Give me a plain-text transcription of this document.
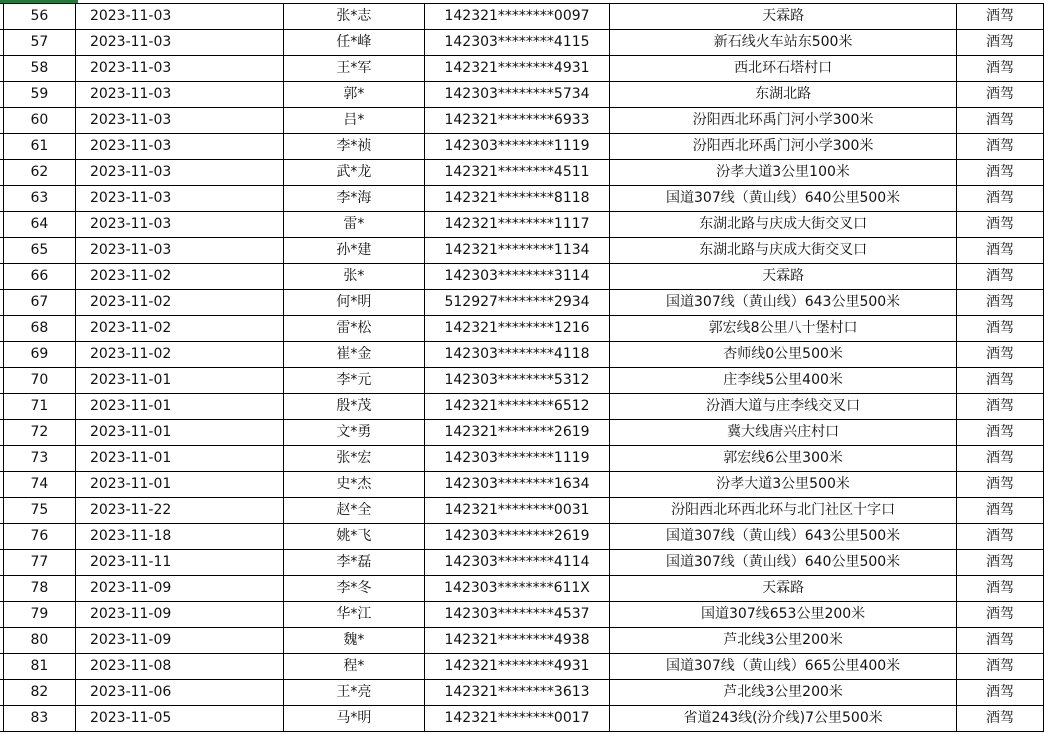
	56	2023-11-03	张*志	142321********0097	天霖路	酒驾
	57	2023-11-03	任*峰	142303********4115	新石线火车站东500米	酒驾
	58	2023-11-03	王*军	142321********4931	西北环石塔村口	酒驾
	59	2023-11-03	郭*	142303********5734	东湖北路	酒驾
	60	2023-11-03	吕*	142321********6933	汾阳西北环禹门河小学300米	酒驾
	61	2023-11-03	李*祯	142303********1119	汾阳西北环禹门河小学300米	酒驾
	62	2023-11-03	武*龙	142321********4511	汾孝大道3公里100米	酒驾
	63	2023-11-03	李*海	142321********8118	国道307线（黄山线）640公里500米	酒驾
	64	2023-11-03	雷*	142321********1117	东湖北路与庆成大街交叉口	酒驾
	65	2023-11-03	孙*建	142321********1134	东湖北路与庆成大街交叉口	酒驾
	66	2023-11-02	张*	142303********3114	天霖路	酒驾
	67	2023-11-02	何*明	512927********2934	国道307线（黄山线）643公里500米	酒驾
	68	2023-11-02	雷*松	142321********1216	郭宏线8公里八十堡村口	酒驾
	69	2023-11-02	崔*金	142303********4118	杏师线0公里500米	酒驾
	70	2023-11-01	李*元	142303********5312	庄李线5公里400米	酒驾
	71	2023-11-01	殷*茂	142321********6512	汾酒大道与庄李线交叉口	酒驾
	72	2023-11-01	文*勇	142321********2619	冀大线唐兴庄村口	酒驾
	73	2023-11-01	张*宏	142303********1119	郭宏线6公里300米	酒驾
	74	2023-11-01	史*杰	142303********1634	汾孝大道3公里500米	酒驾
	75	2023-11-22	赵*全	142321********0031	汾阳西北环西北环与北门社区十字口	酒驾
	76	2023-11-18	姚*飞	142303********2619	国道307线（黄山线）643公里500米	酒驾
	77	2023-11-11	李*磊	142303********4114	国道307线（黄山线）640公里500米	酒驾
	78	2023-11-09	李*冬	142303********611X	天霖路	酒驾
	79	2023-11-09	华*江	142303********4537	国道307线653公里200米	酒驾
	80	2023-11-09	魏*	142321********4938	芦北线3公里200米	酒驾
	81	2023-11-08	程*	142321********4931	国道307线（黄山线）665公里400米	酒驾
	82	2023-11-06	王*亮	142321********3613	芦北线3公里200米	酒驾
	83	2023-11-05	马*明	142321********0017	省道243线(汾介线)7公里500米	酒驾
